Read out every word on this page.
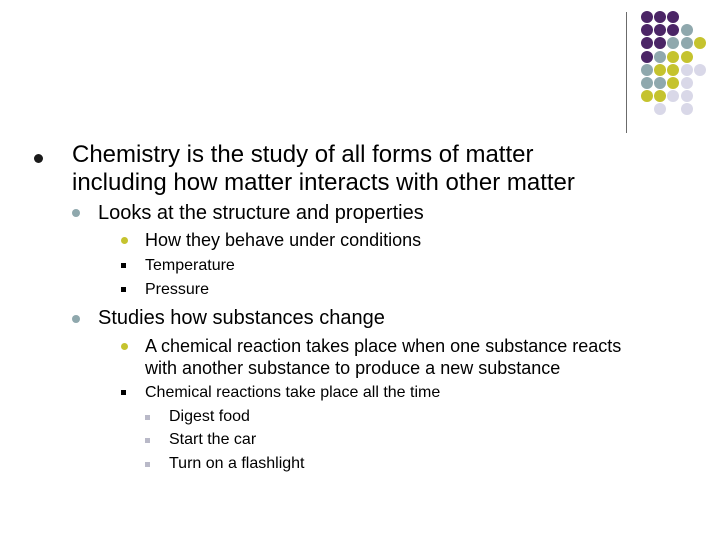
Chemistry is the study of all forms of matter
including how matter interacts with other matter
Looks at the structure and properties
How they behave under conditions
Temperature
Pressure
Studies how substances change
A chemical reaction takes place when one substance reacts
with another substance to produce a new substance
Chemical reactions take place all the time
Digest food
Start the car
Turn on a flashlight
